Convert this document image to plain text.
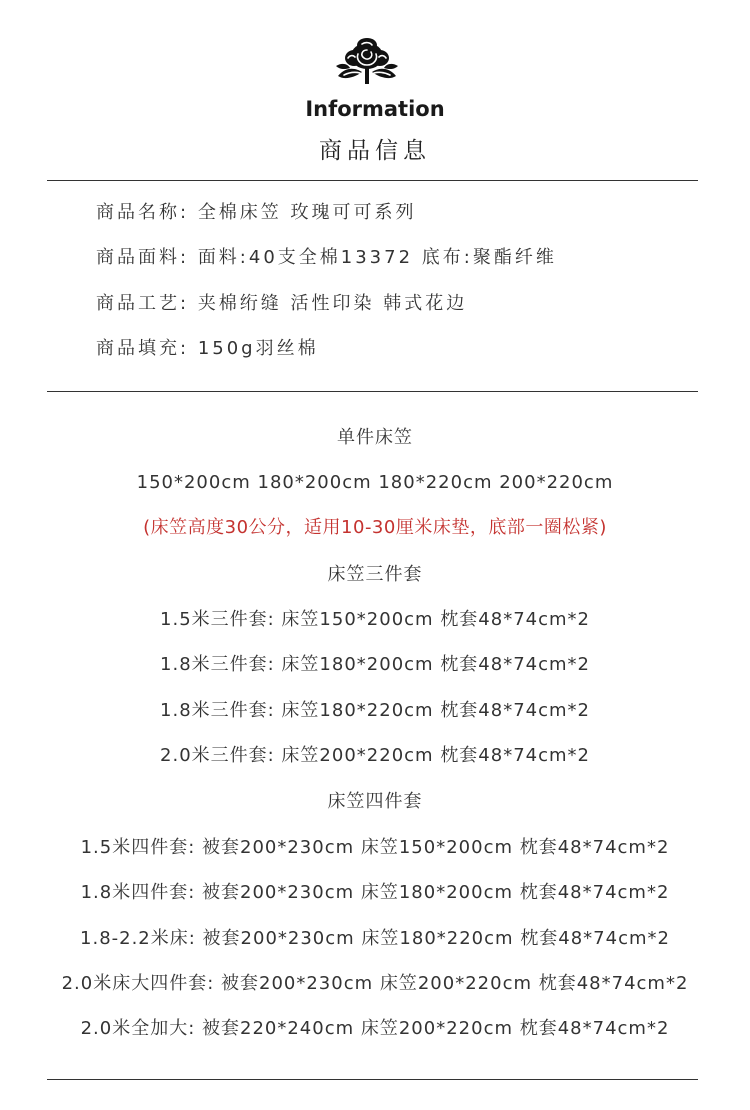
Information
商品信息
商品名称: 全棉床笠 玫瑰可可系列
商品面料: 面料:40支全棉13372 底布:聚酯纤维
商品工艺: 夹棉绗缝 活性印染 韩式花边
商品填充: 150g羽丝棉
单件床笠
150*200cm 180*200cm 180*220cm 200*220cm
(床笠高度30公分，适用10-30厘米床垫，底部一圈松紧)
床笠三件套
1.5米三件套: 床笠150*200cm 枕套48*74cm*2
1.8米三件套: 床笠180*200cm 枕套48*74cm*2
1.8米三件套: 床笠180*220cm 枕套48*74cm*2
2.0米三件套: 床笠200*220cm 枕套48*74cm*2
床笠四件套
1.5米四件套: 被套200*230cm 床笠150*200cm 枕套48*74cm*2
1.8米四件套: 被套200*230cm 床笠180*200cm 枕套48*74cm*2
1.8-2.2米床: 被套200*230cm 床笠180*220cm 枕套48*74cm*2
2.0米床大四件套: 被套200*230cm 床笠200*220cm 枕套48*74cm*2
2.0米全加大: 被套220*240cm 床笠200*220cm 枕套48*74cm*2
